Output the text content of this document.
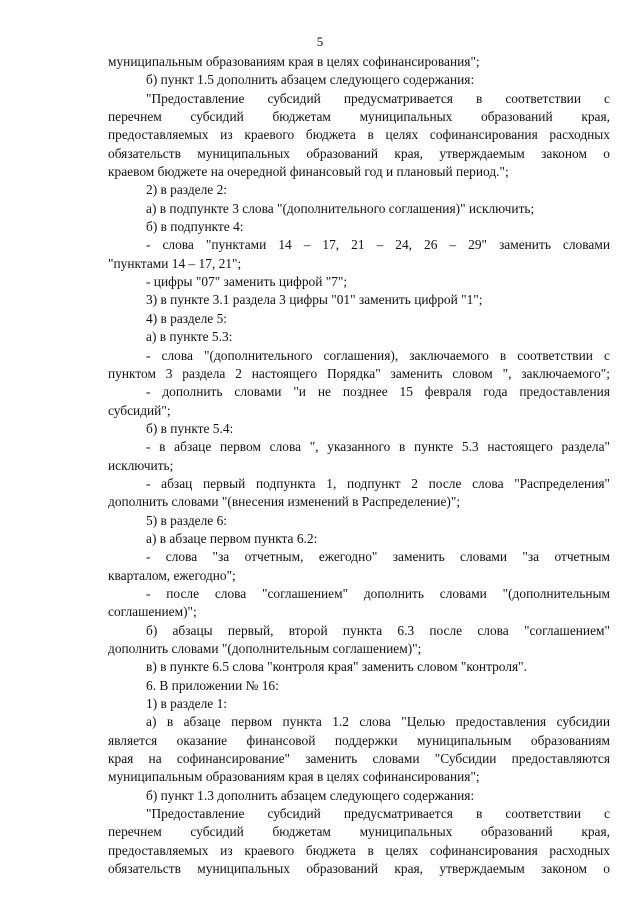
5
муниципальным образованиям края в целях софинансирования";
б) пункт 1.5 дополнить абзацем следующего содержания:
"Предоставление субсидий предусматривается в соответствии с
перечнем субсидий бюджетам муниципальных образований края,
предоставляемых из краевого бюджета в целях софинансирования расходных
обязательств муниципальных образований края, утверждаемым законом о
краевом бюджете на очередной финансовый год и плановый период.";
2) в разделе 2:
а) в подпункте 3 слова "(дополнительного соглашения)" исключить;
б) в подпункте 4:
- слова "пунктами 14 – 17, 21 – 24, 26 – 29" заменить словами
"пунктами 14 – 17, 21";
- цифры "07" заменить цифрой "7";
3) в пункте 3.1 раздела 3 цифры "01" заменить цифрой "1";
4) в разделе 5:
а) в пункте 5.3:
- слова "(дополнительного соглашения), заключаемого в соответствии с
пунктом 3 раздела 2 настоящего Порядка" заменить словом ", заключаемого";
- дополнить словами "и не позднее 15 февраля года предоставления
субсидий";
б) в пункте 5.4:
- в абзаце первом слова ", указанного в пункте 5.3 настоящего раздела"
исключить;
- абзац первый подпункта 1, подпункт 2 после слова "Распределения"
дополнить словами "(внесения изменений в Распределение)";
5) в разделе 6:
а) в абзаце первом пункта 6.2:
- слова "за отчетным, ежегодно" заменить словами "за отчетным
кварталом, ежегодно";
- после слова "соглашением" дополнить словами "(дополнительным
соглашением)";
б) абзацы первый, второй пункта 6.3 после слова "соглашением"
дополнить словами "(дополнительным соглашением)";
в) в пункте 6.5 слова "контроля края" заменить словом "контроля".
6. В приложении № 16:
1) в разделе 1:
а) в абзаце первом пункта 1.2 слова "Целью предоставления субсидии
является оказание финансовой поддержки муниципальным образованиям
края на софинансирование" заменить словами "Субсидии предоставляются
муниципальным образованиям края в целях софинансирования";
б) пункт 1.3 дополнить абзацем следующего содержания:
"Предоставление субсидий предусматривается в соответствии с
перечнем субсидий бюджетам муниципальных образований края,
предоставляемых из краевого бюджета в целях софинансирования расходных
обязательств муниципальных образований края, утверждаемым законом о
